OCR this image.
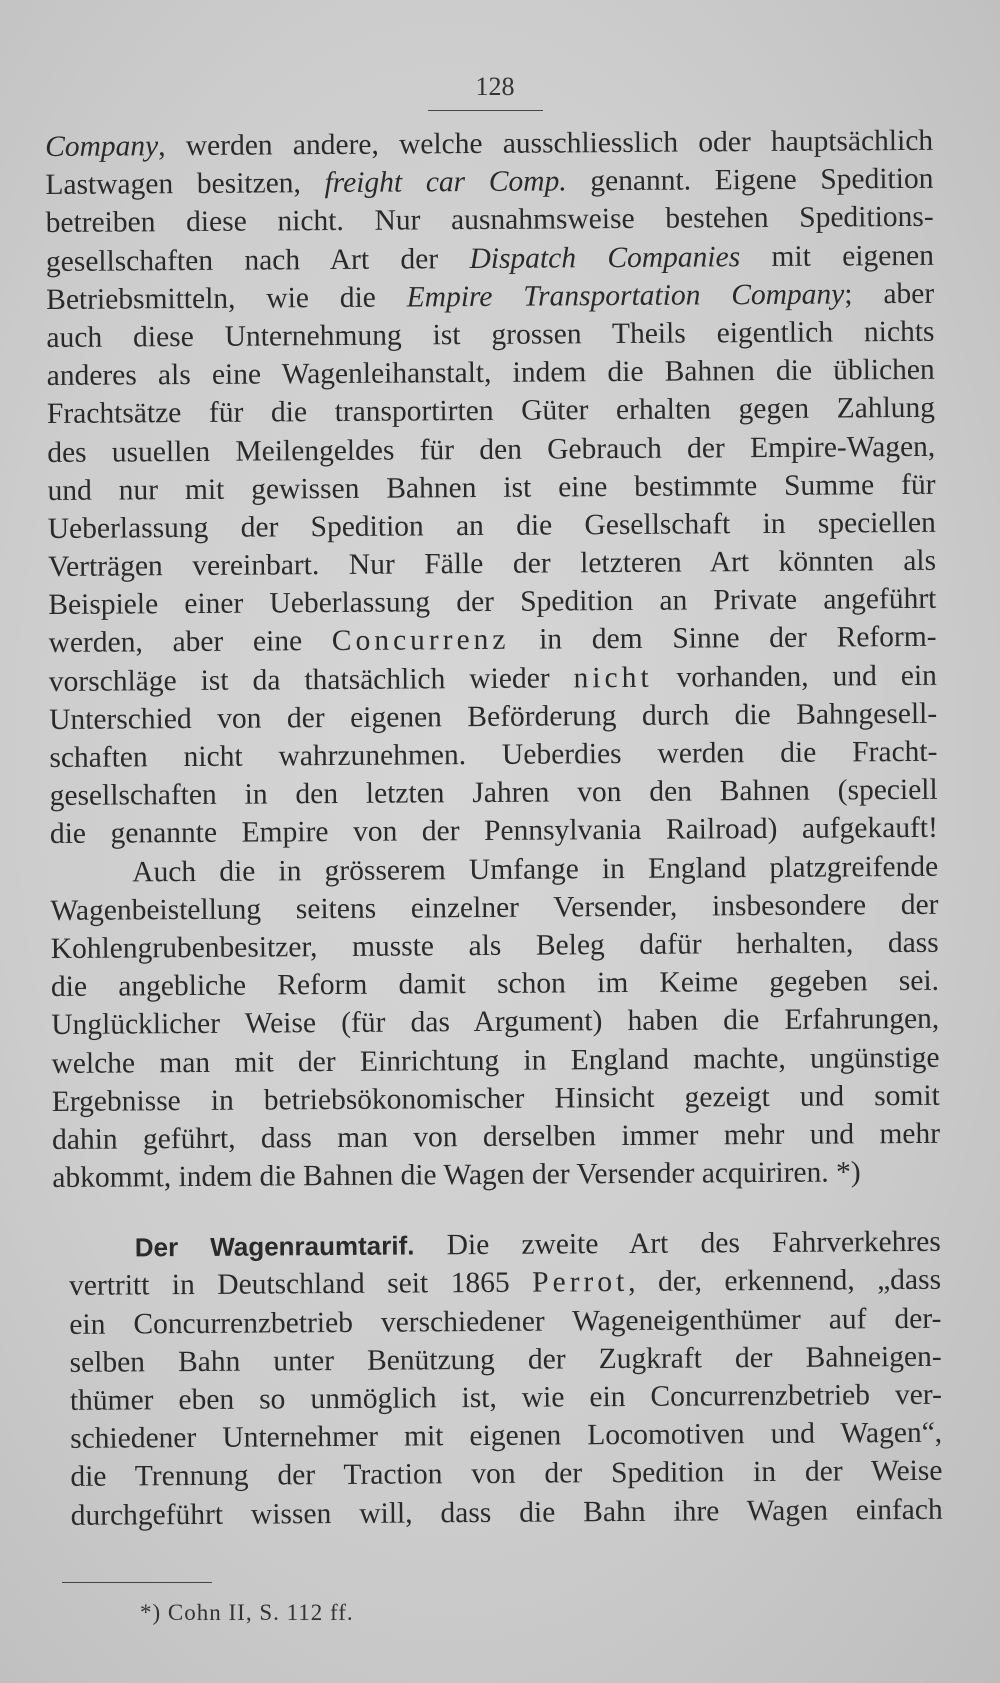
128
Company, werden andere, welche ausschliesslich oder hauptsächlich
Lastwagen besitzen, freight car Comp. genannt. Eigene Spedition
betreiben diese nicht. Nur ausnahmsweise bestehen Speditions-
gesellschaften nach Art der Dispatch Companies mit eigenen
Betriebsmitteln, wie die Empire Transportation Company; aber
auch diese Unternehmung ist grossen Theils eigentlich nichts
anderes als eine Wagenleihanstalt, indem die Bahnen die üblichen
Frachtsätze für die transportirten Güter erhalten gegen Zahlung
des usuellen Meilengeldes für den Gebrauch der Empire-Wagen,
und nur mit gewissen Bahnen ist eine bestimmte Summe für
Ueberlassung der Spedition an die Gesellschaft in speciellen
Verträgen vereinbart. Nur Fälle der letzteren Art könnten als
Beispiele einer Ueberlassung der Spedition an Private angeführt
werden, aber eine Concurrenz in dem Sinne der Reform-
vorschläge ist da thatsächlich wieder nicht vorhanden, und ein
Unterschied von der eigenen Beförderung durch die Bahngesell-
schaften nicht wahrzunehmen. Ueberdies werden die Fracht-
gesellschaften in den letzten Jahren von den Bahnen (speciell
die genannte Empire von der Pennsylvania Railroad) aufgekauft!
Auch die in grösserem Umfange in England platzgreifende
Wagenbeistellung seitens einzelner Versender, insbesondere der
Kohlengrubenbesitzer, musste als Beleg dafür herhalten, dass
die angebliche Reform damit schon im Keime gegeben sei.
Unglücklicher Weise (für das Argument) haben die Erfahrungen,
welche man mit der Einrichtung in England machte, ungünstige
Ergebnisse in betriebsökonomischer Hinsicht gezeigt und somit
dahin geführt, dass man von derselben immer mehr und mehr
abkommt, indem die Bahnen die Wagen der Versender acquiriren. *)
Der Wagenraumtarif. Die zweite Art des Fahrverkehres
vertritt in Deutschland seit 1865 Perrot, der, erkennend, „dass
ein Concurrenzbetrieb verschiedener Wageneigenthümer auf der-
selben Bahn unter Benützung der Zugkraft der Bahneigen-
thümer eben so unmöglich ist, wie ein Concurrenzbetrieb ver-
schiedener Unternehmer mit eigenen Locomotiven und Wagen“,
die Trennung der Traction von der Spedition in der Weise
durchgeführt wissen will, dass die Bahn ihre Wagen einfach
*) Cohn II, S. 112 ff.
